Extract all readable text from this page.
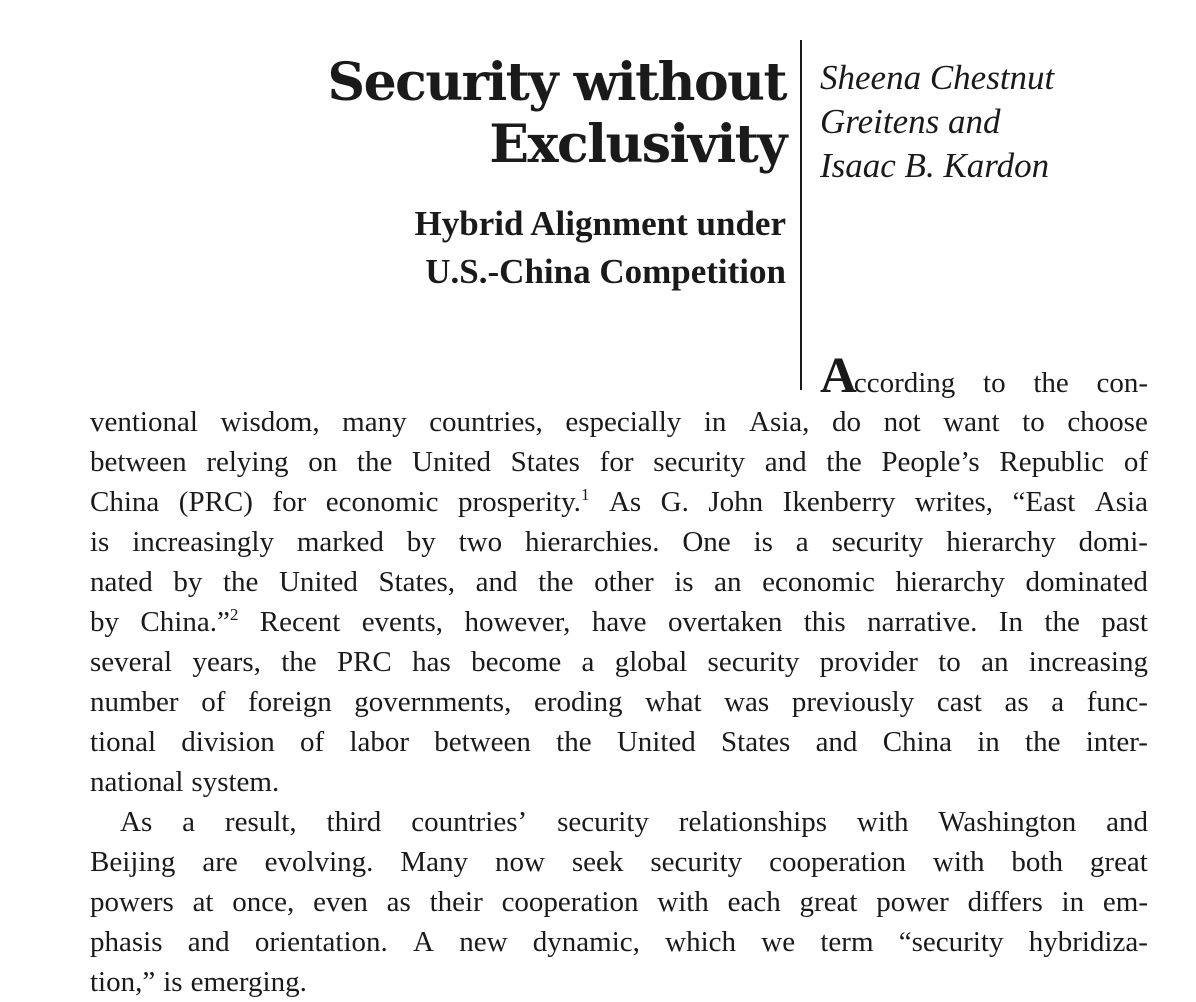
Security without
Exclusivity
Hybrid Alignment under
U.S.-China Competition
Sheena Chestnut
Greitens and
Isaac B. Kardon
According to the con-
ventional wisdom, many countries, especially in Asia, do not want to choose
between relying on the United States for security and the People’s Republic of
China (PRC) for economic prosperity.$^1$ As G. John Ikenberry writes, “East Asia
is increasingly marked by two hierarchies. One is a security hierarchy domi-
nated by the United States, and the other is an economic hierarchy dominated
by China.”$^2$ Recent events, however, have overtaken this narrative. In the past
several years, the PRC has become a global security provider to an increasing
number of foreign governments, eroding what was previously cast as a func-
tional division of labor between the United States and China in the inter-
national system.
As a result, third countries’ security relationships with Washington and
Beijing are evolving. Many now seek security cooperation with both great
powers at once, even as their cooperation with each great power differs in em-
phasis and orientation. A new dynamic, which we term “security hybridiza-
tion,” is emerging.
